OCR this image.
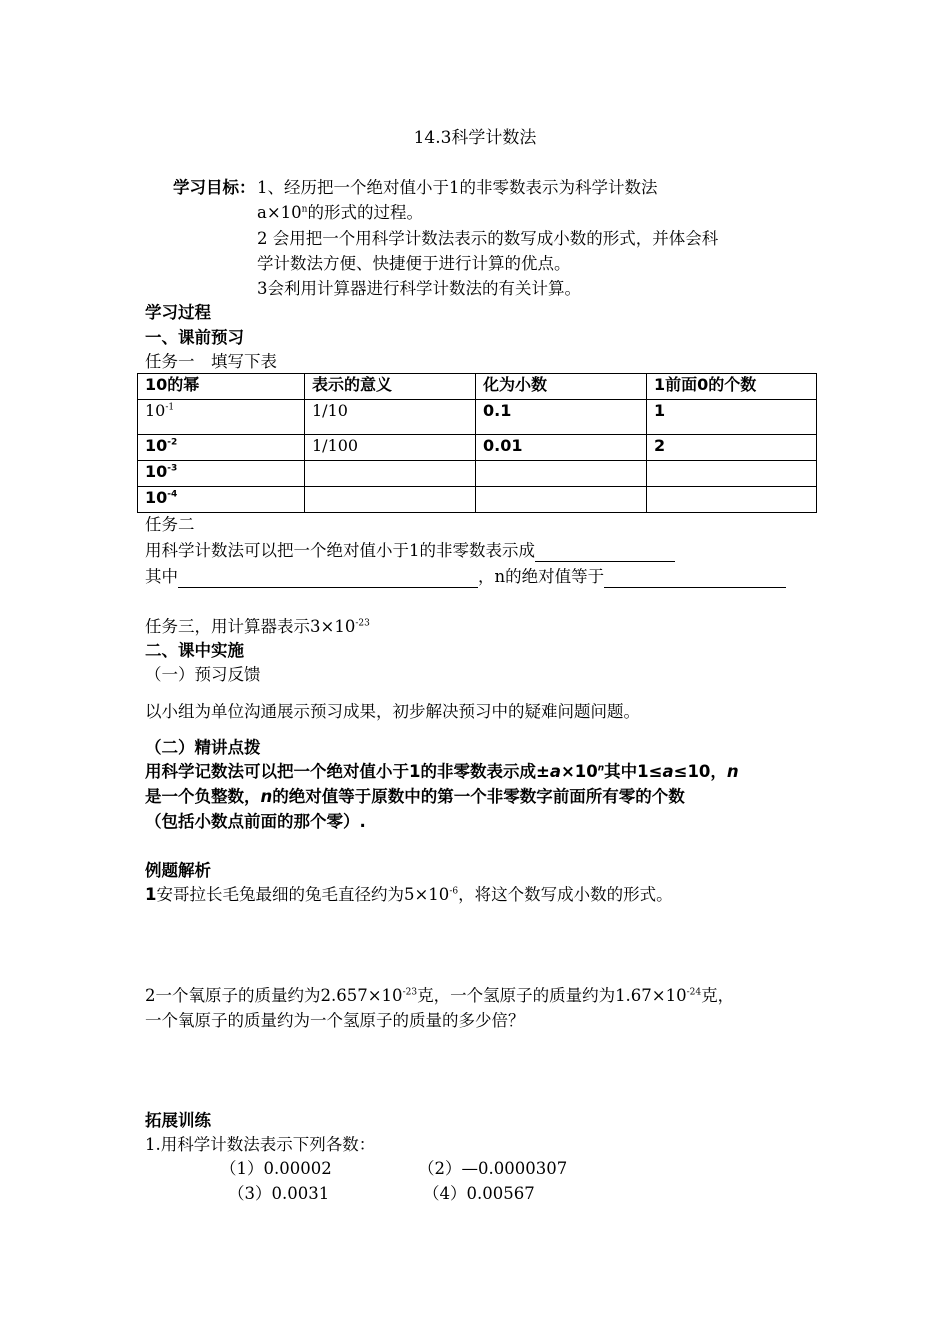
14.3科学计数法
学习目标： 1、经历把一个绝对值小于1的非零数表示为科学计数法
$a\times 10^n$的形式的过程。
2 会用把一个用科学计数法表示的数写成小数的形式，并体会科
学计数法方便、快捷便于进行计算的优点。
3会利用计算器进行科学计数法的有关计算。
学习过程
一、课前预习
任务一　填写下表
10的幂	表示的意义	化为小数	1前面0的个数
$10^{-1}$	1/10	0.1	1
$10^{-2}$	1/100	0.01	2
$10^{-3}$			
$10^{-4}$			
任务二
用科学计数法可以把一个绝对值小于1的非零数表示成
其中	，n的绝对值等于
任务三，用计算器表示$3\times 10^{-23}$
二、课中实施
（一）预习反馈
以小组为单位沟通展示预习成果，初步解决预习中的疑难问题问题。
（二）精讲点拨
用科学记数法可以把一个绝对值小于1的非零数表示成$\pm a\times 10^n$其中1≤a≤10，n
是一个负整数，n的绝对值等于原数中的第一个非零数字前面所有零的个数
（包括小数点前面的那个零）.
例题解析
1安哥拉长毛兔最细的兔毛直径约为$5\times 10^{-6}$，将这个数写成小数的形式。
2一个氧原子的质量约为$2.657\times 10^{-23}$克，一个氢原子的质量约为$1.67\times 10^{-24}$克，
一个氧原子的质量约为一个氢原子的质量的多少倍？
拓展训练
1.用科学计数法表示下列各数：
（1）0.00002	（2）—0.0000307
（3）0.0031	（4）0.00567
